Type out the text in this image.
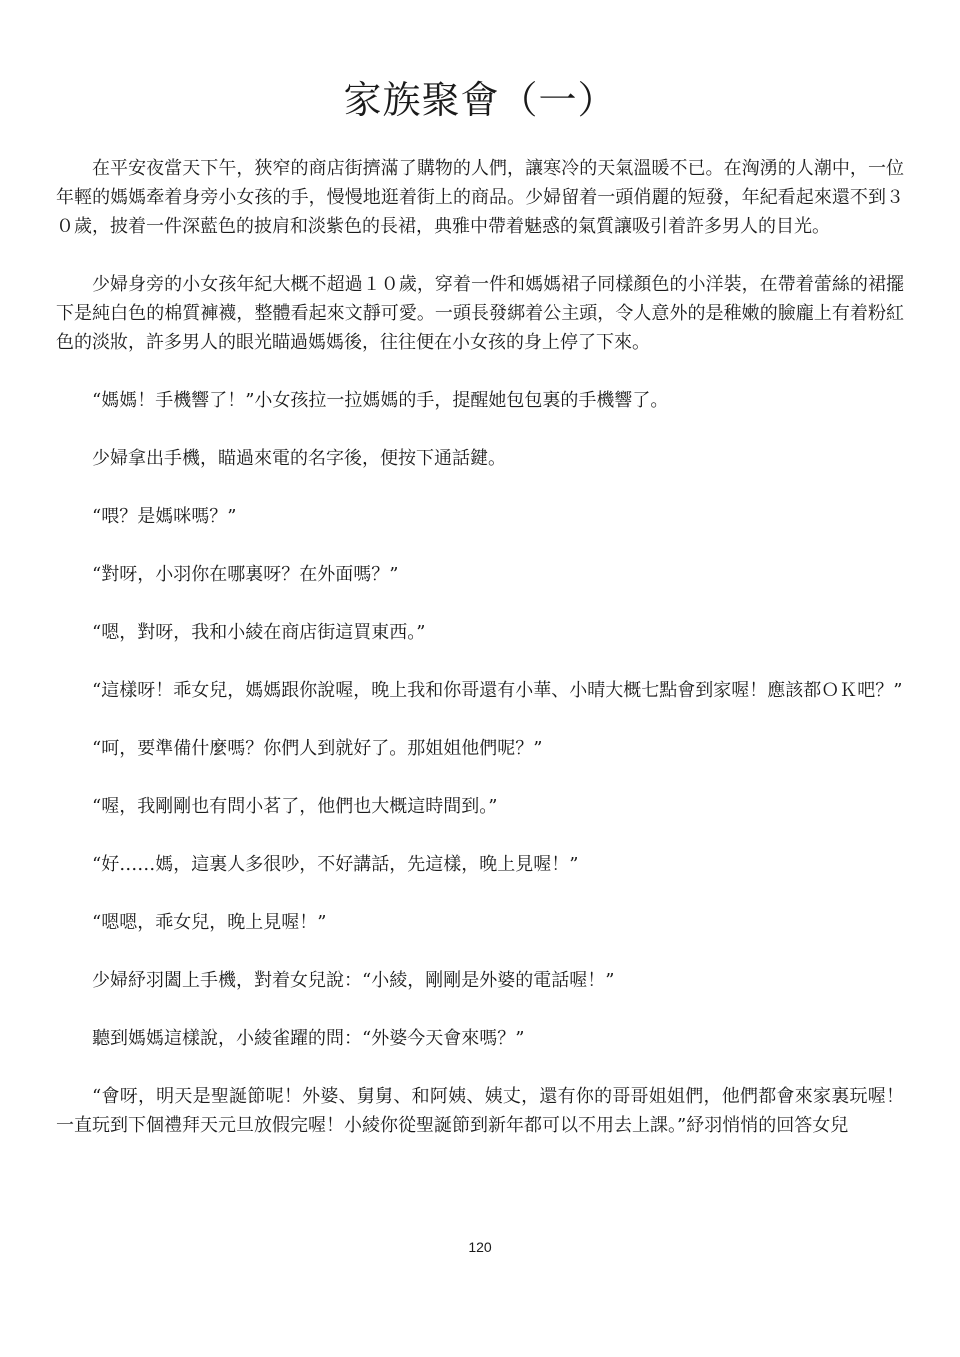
家族聚會（一）

在平安夜當天下午，狹窄的商店街擠滿了購物的人們，讓寒冷的天氣溫暖不已。在洶湧的人潮中，一位年輕的媽媽牽着身旁小女孩的手，慢慢地逛着街上的商品。少婦留着一頭俏麗的短發，年紀看起來還不到３０歲，披着一件深藍色的披肩和淡紫色的長裙，典雅中帶着魅惑的氣質讓吸引着許多男人的目光。

少婦身旁的小女孩年紀大概不超過１０歲，穿着一件和媽媽裙子同樣顏色的小洋裝，在帶着蕾絲的裙擺下是純白色的棉質褲襪，整體看起來文靜可愛。一頭長發綁着公主頭，令人意外的是稚嫩的臉龐上有着粉紅色的淡妝，許多男人的眼光瞄過媽媽後，往往便在小女孩的身上停了下來。

“媽媽！手機響了！”小女孩拉一拉媽媽的手，提醒她包包裏的手機響了。

少婦拿出手機，瞄過來電的名字後，便按下通話鍵。

“喂？是媽咪嗎？”

“對呀，小羽你在哪裏呀？在外面嗎？”

“嗯，對呀，我和小綾在商店街這買東西。”

“這樣呀！乖女兒，媽媽跟你說喔，晚上我和你哥還有小華、小晴大概七點會到家喔！應該都ＯＫ吧？”

“呵，要準備什麼嗎？你們人到就好了。那姐姐他們呢？”

“喔，我剛剛也有問小茗了，他們也大概這時間到。”

“好……媽，這裏人多很吵，不好講話，先這樣，晚上見喔！”

“嗯嗯，乖女兒，晚上見喔！”

少婦紓羽闔上手機，對着女兒說：“小綾，剛剛是外婆的電話喔！”

聽到媽媽這樣說，小綾雀躍的問：“外婆今天會來嗎？”

“會呀，明天是聖誕節呢！外婆、舅舅、和阿姨、姨丈，還有你的哥哥姐姐們，他們都會來家裏玩喔！一直玩到下個禮拜天元旦放假完喔！小綾你從聖誕節到新年都可以不用去上課。”紓羽悄悄的回答女兒

120
